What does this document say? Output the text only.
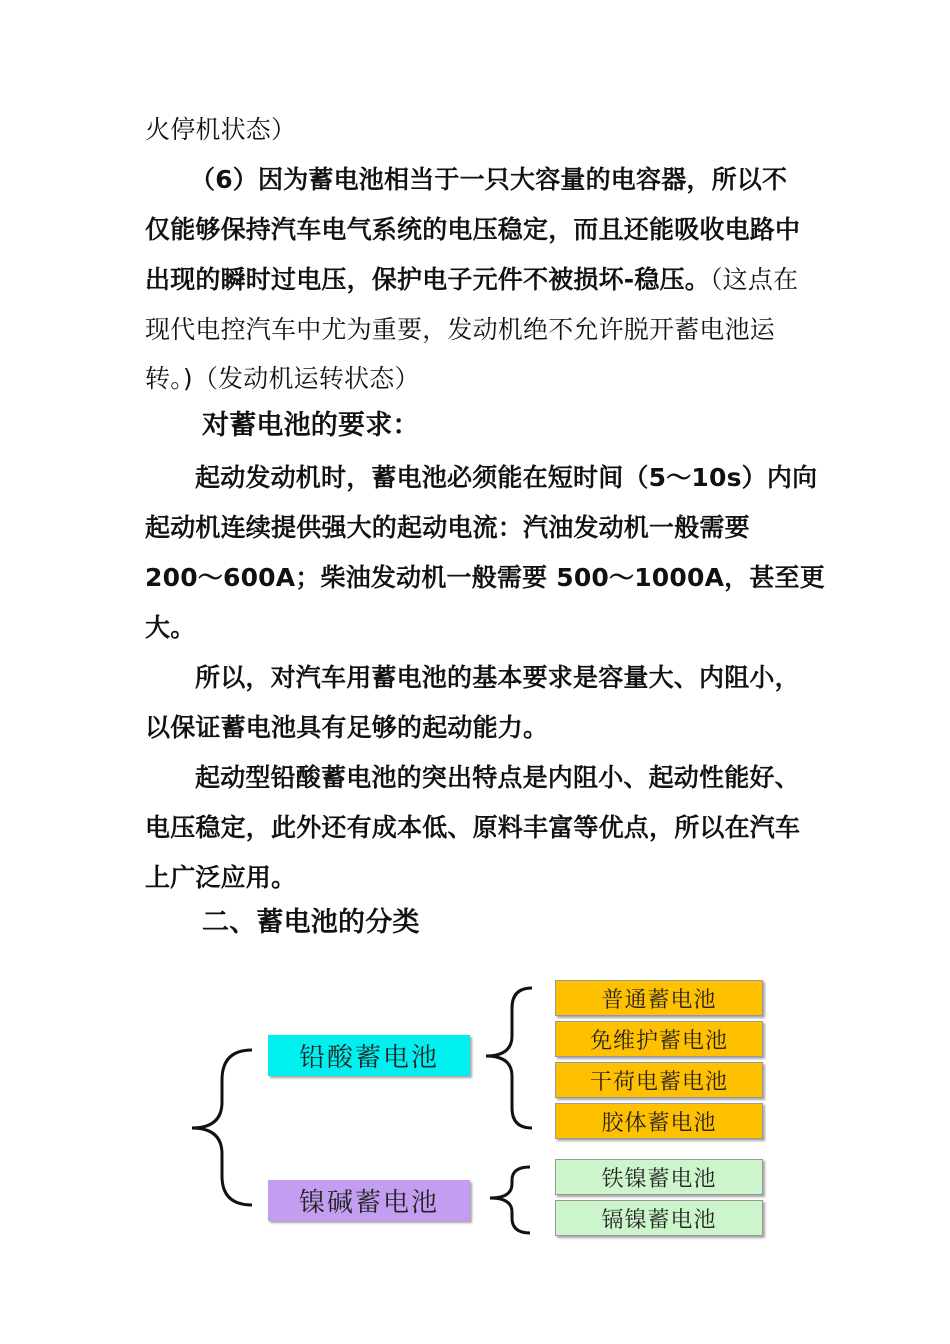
火停机状态）
（6）因为蓄电池相当于一只大容量的电容器，所以不
仅能够保持汽车电气系统的电压稳定，而且还能吸收电路中
出现的瞬时过电压，保护电子元件不被损坏-稳压。（这点在
现代电控汽车中尤为重要，发动机绝不允许脱开蓄电池运
转。)（发动机运转状态）
对蓄电池的要求：
起动发动机时，蓄电池必须能在短时间（5～10s）内向
起动机连续提供强大的起动电流：汽油发动机一般需要
200～600A；柴油发动机一般需要 500～1000A，甚至更
大。
所以，对汽车用蓄电池的基本要求是容量大、内阻小，
以保证蓄电池具有足够的起动能力。
起动型铅酸蓄电池的突出特点是内阻小、起动性能好、
电压稳定，此外还有成本低、原料丰富等优点，所以在汽车
上广泛应用。
二、蓄电池的分类
铅酸蓄电池
镍碱蓄电池
普通蓄电池
免维护蓄电池
干荷电蓄电池
胶体蓄电池
铁镍蓄电池
镉镍蓄电池
